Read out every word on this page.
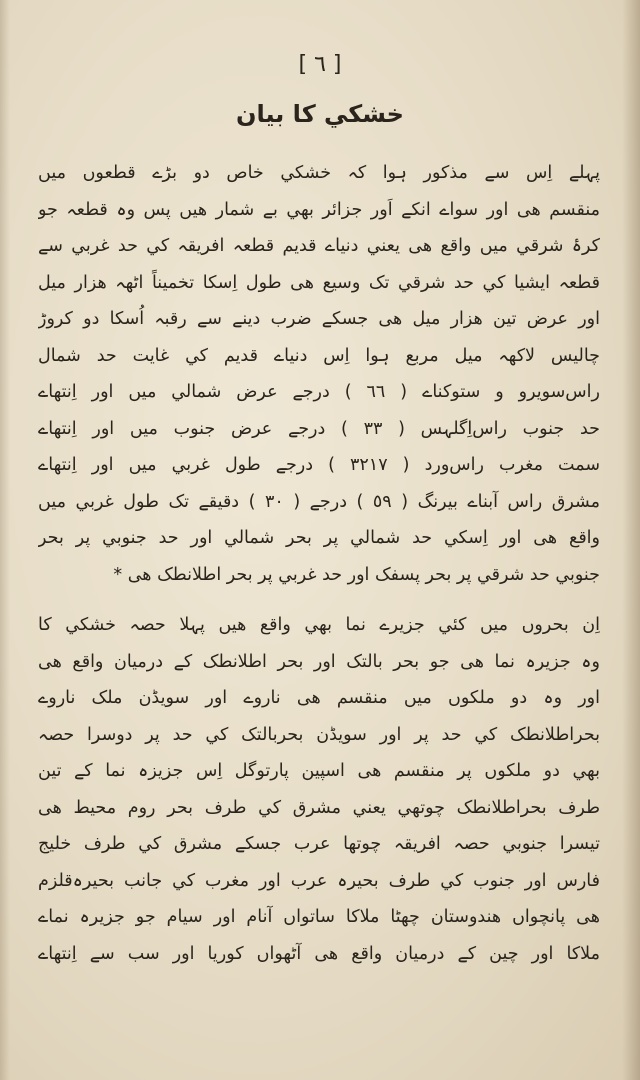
[ ٦ ]
خشكي كا بيان
پہلے اِس سے مذکور ہوا کہ خشکي خاص دو بڑے قطعوں میں
منقسم ھی اور سواے انکے اَور جزائر بھي بے شمار ھیں پس وہ قطعہ جو
کرۂ شرقي میں واقع ھی یعني دنیاے قدیم قطعہ افریقہ کي حد غربي سے
قطعہ ایشیا کي حد شرقي تک وسیع ھی طول اِسکا تخمیناً اٹھہ ھزار میل
اور عرض تین ھزار میل ھی جسکے ضرب دینے سے رقبہ اُسکا دو کروڑ
چالیس لاکھہ میل مربع ہوا اِس دنیاے قدیم کي غایت حد شمال
راس‌سویرو و ستوکناے ( ٦٦ ) درجے عرض شمالي میں اور اِنتھاے
حد جنوب راس‌اِگلہس ( ٣٣ ) درجے عرض جنوب میں اور اِنتھاے
سمت مغرب راس‌ورد ( ٣٢١٧ ) درجے طول غربي میں اور اِنتھاے
مشرق راس آبناے بیرنگ ( ٥٩ ) درجے ( ٣٠ ) دقیقے تک طول غربي میں
واقع ھی اور اِسکي حد شمالي پر بحر شمالي اور حد جنوبي پر بحر
جنوبي حد شرقي پر بحر پسفک اور حد غربي پر بحر اطلانطک ھی *
اِن بحروں میں کئي جزیرے نما بھي واقع ھیں پہلا حصہ خشکي کا
وہ جزیرہ نما ھی جو بحر بالتک اور بحر اطلانطک کے درمیان واقع ھی
اور وہ دو ملکوں میں منقسم ھی ناروے اور سویڈن ملک ناروے
بحراطلانطک کي حد پر اور سویڈن بحربالتک کي حد پر دوسرا حصہ
بھي دو ملکوں پر منقسم ھی اسپین پارتوگل اِس جزیزہ نما کے تین
طرف بحراطلانطک چوتھي یعني مشرق کي طرف بحر روم محیط ھی
تیسرا جنوبي حصہ افریقہ چوتھا عرب جسکے مشرق کي طرف خلیج
فارس اور جنوب کي طرف بحیرہ عرب اور مغرب کي جانب بحیرہ‌قلزم
ھی پانچواں ھندوستان چھٹا ملاکا ساتواں آنام اور سیام جو جزیرہ نماے
ملاکا اور چین کے درمیان واقع ھی آٹھواں کوریا اور سب سے اِنتھاے
